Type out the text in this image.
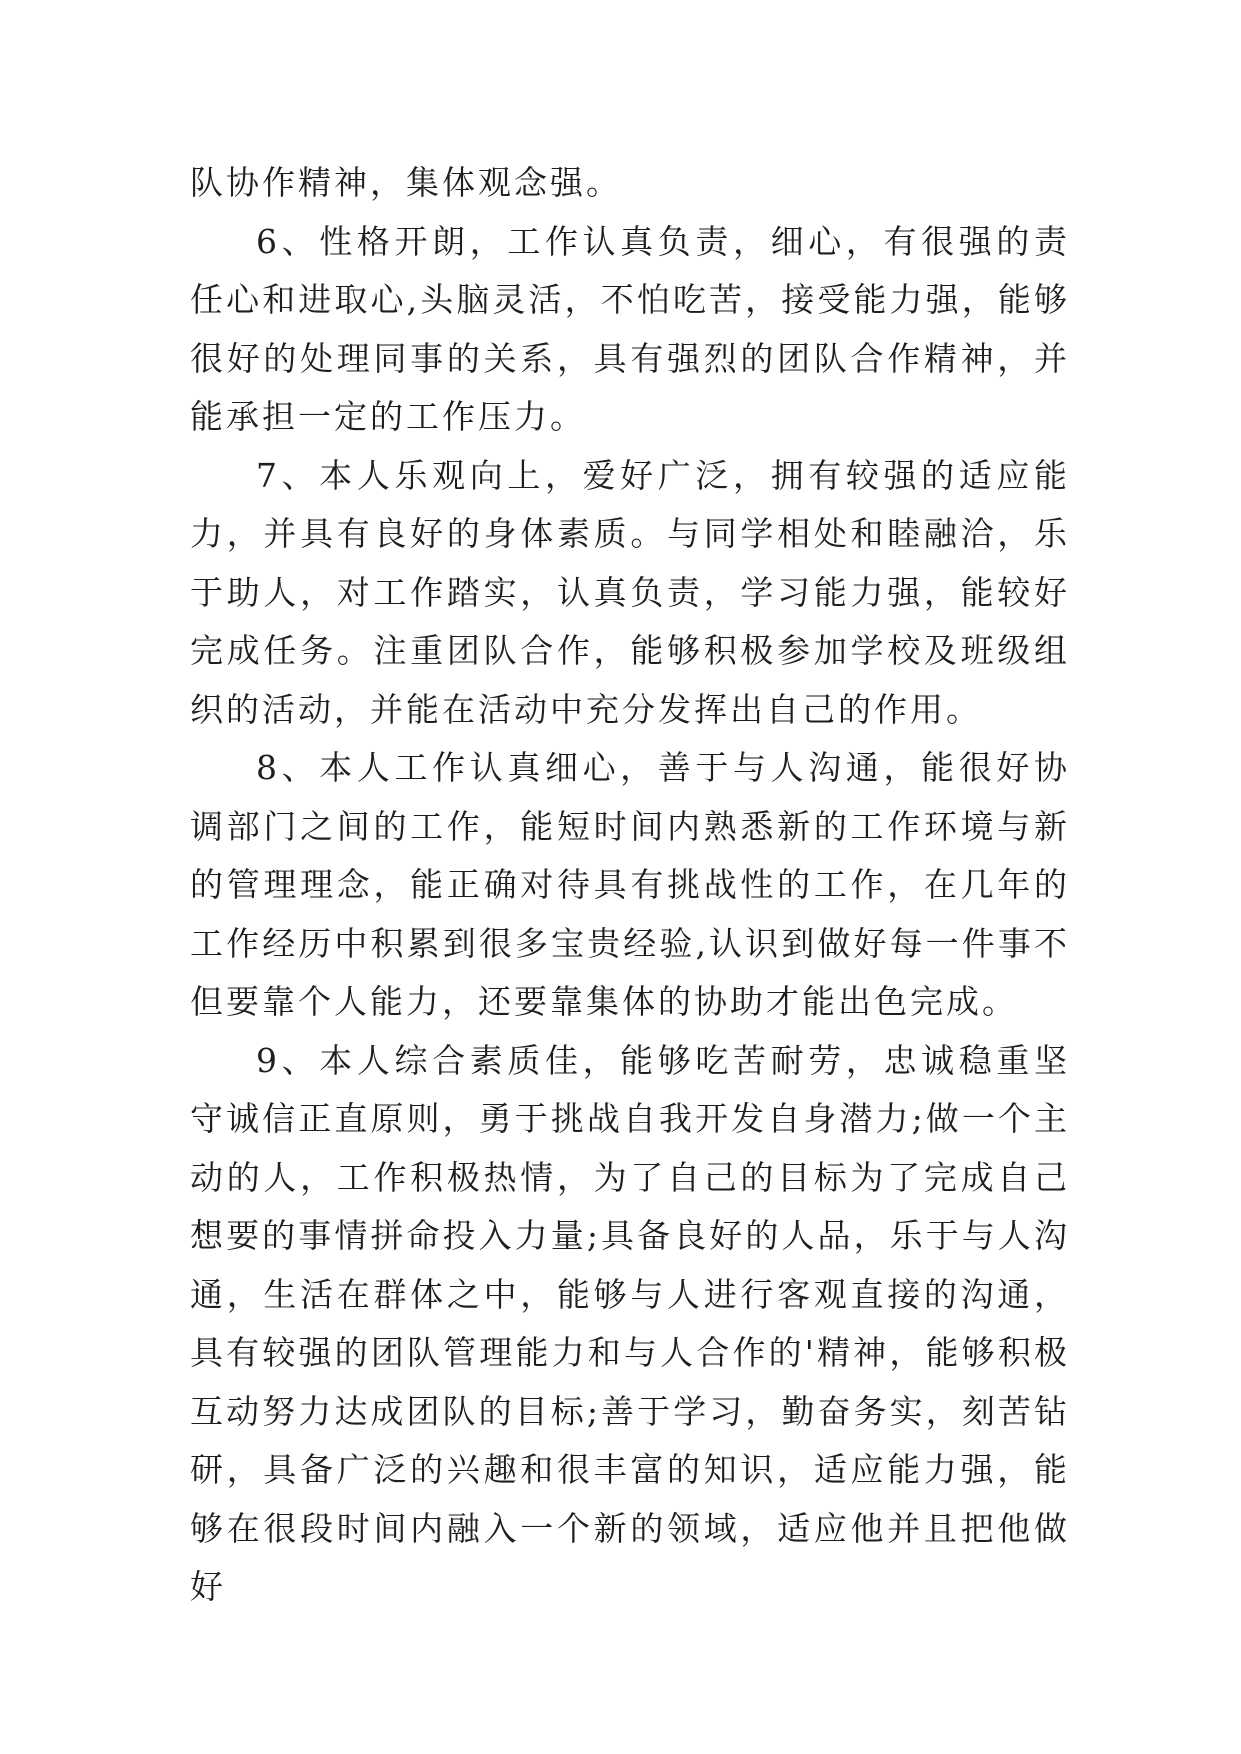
队协作精神，集体观念强。

6、性格开朗，工作认真负责，细心，有很强的责任心和进取心,头脑灵活，不怕吃苦，接受能力强，能够很好的处理同事的关系，具有强烈的团队合作精神，并能承担一定的工作压力。

7、本人乐观向上，爱好广泛，拥有较强的适应能力，并具有良好的身体素质。与同学相处和睦融洽，乐于助人，对工作踏实，认真负责，学习能力强，能较好完成任务。注重团队合作，能够积极参加学校及班级组织的活动，并能在活动中充分发挥出自己的作用。

8、本人工作认真细心，善于与人沟通，能很好协调部门之间的工作，能短时间内熟悉新的工作环境与新的管理理念，能正确对待具有挑战性的工作，在几年的工作经历中积累到很多宝贵经验,认识到做好每一件事不但要靠个人能力，还要靠集体的协助才能出色完成。

9、本人综合素质佳，能够吃苦耐劳，忠诚稳重坚守诚信正直原则，勇于挑战自我开发自身潜力;做一个主动的人，工作积极热情，为了自己的目标为了完成自己想要的事情拼命投入力量;具备良好的人品，乐于与人沟通，生活在群体之中，能够与人进行客观直接的沟通，具有较强的团队管理能力和与人合作的'精神，能够积极互动努力达成团队的目标;善于学习，勤奋务实，刻苦钻研，具备广泛的兴趣和很丰富的知识，适应能力强，能够在很段时间内融入一个新的领域，适应他并且把他做好
